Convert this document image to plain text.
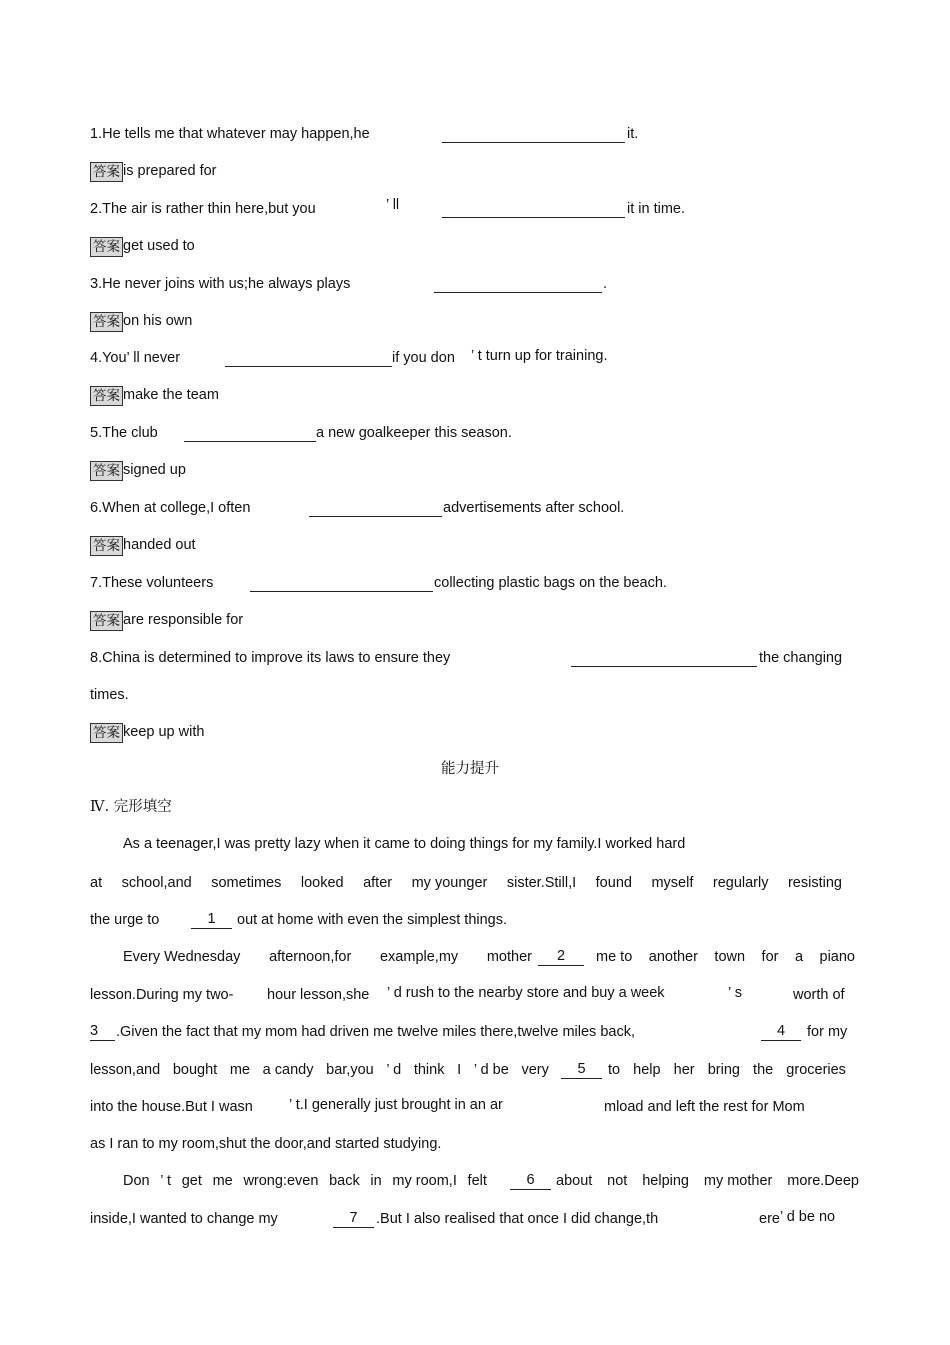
1.He tells me that whatever may happen,he	it.
答案 is prepared for
2.The air is rather thin here,but you	’ ll	it in time.
答案 get used to
3.He never joins with us;he always plays	.
答案 on his own
4.You’ ll never	if you don ’ t turn up for training.
答案 make the team
5.The club	a new goalkeeper this season.
答案 signed up
6.When at college,I often	advertisements after school.
答案 handed out
7.These volunteers	collecting plastic bags on the beach.
答案 are responsible for
8.China is determined to improve its laws to ensure they	the changing
times.
答案 keep up with
能力提升
Ⅳ. 完形填空
As a teenager,I was pretty lazy when it came to doing things for my family.I worked hard
at school,and sometimes looked after my younger sister.Still,I found myself regularly resisting
the urge to	1	out at home with even the simplest things.
Every Wednesday afternoon,for example,my mother	2	me to another town for a piano
lesson.During my two- hour lesson,she ’ d rush to the nearby store and buy a week	’ s	worth of
3	.Given the fact that my mom had driven me twelve miles there,twelve miles back,	4	for my
lesson,and bought me a candy bar,you ’ d think I ’ d be very	5	to help her bring the groceries
into the house.But I wasn ’ t.I generally just brought in an ar	mload and left the rest for Mom
as I ran to my room,shut the door,and started studying.
Don ’ t get me wrong:even back in my room,I felt	6	about not helping my mother more.Deep
inside,I wanted to change my	7	.But I also realised that once I did change,th	ere ’ d be no
